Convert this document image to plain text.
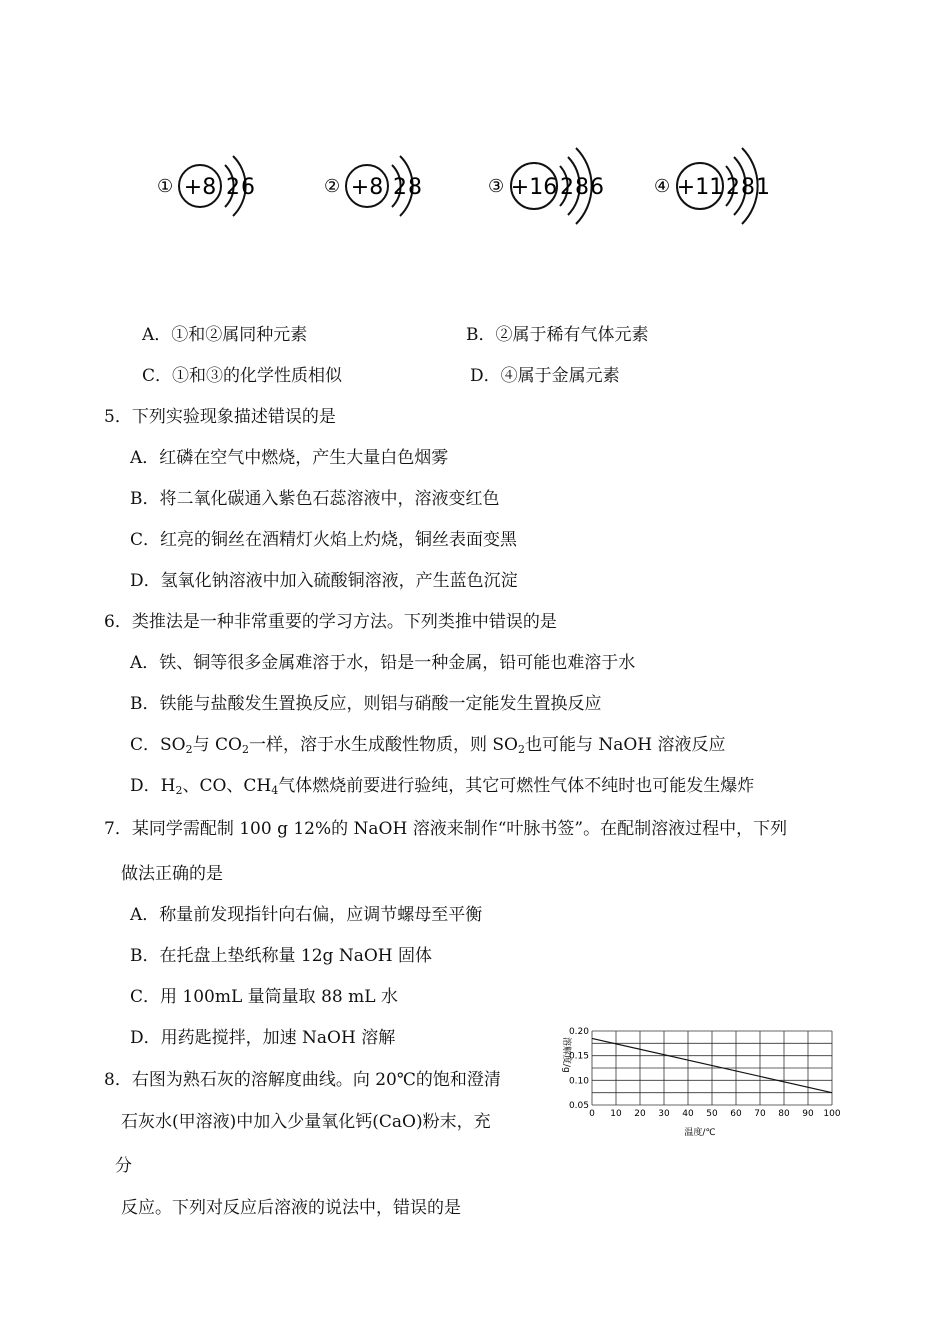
① +8 2 6	② +8 2 8	③ +16 2 8 6	④ +11 2 8 1
A．①和②属同种元素	B．②属于稀有气体元素
C．①和③的化学性质相似	D．④属于金属元素
5．下列实验现象描述错误的是
A．红磷在空气中燃烧，产生大量白色烟雾
B．将二氧化碳通入紫色石蕊溶液中，溶液变红色
C．红亮的铜丝在酒精灯火焰上灼烧，铜丝表面变黑
D．氢氧化钠溶液中加入硫酸铜溶液，产生蓝色沉淀
6．类推法是一种非常重要的学习方法。下列类推中错误的是
A．铁、铜等很多金属难溶于水，铅是一种金属，铅可能也难溶于水
B．铁能与盐酸发生置换反应，则铝与硝酸一定能发生置换反应
C．$SO_2$与 $CO_2$一样，溶于水生成酸性物质，则 $SO_2$也可能与 NaOH 溶液反应
D．$H_2$、CO、$CH_4$气体燃烧前要进行验纯，其它可燃性气体不纯时也可能发生爆炸
7．某同学需配制 100 g 12%的 NaOH 溶液来制作“叶脉书签”。在配制溶液过程中，下列
做法正确的是
A．称量前发现指针向右偏，应调节螺母至平衡
B．在托盘上垫纸称量 12g NaOH 固体
C．用 100mL 量筒量取 88 mL 水
D．用药匙搅拌，加速 NaOH 溶解
8．右图为熟石灰的溶解度曲线。向 20℃的饱和澄清
石灰水(甲溶液)中加入少量氧化钙(CaO)粉末，充
分
反应。下列对反应后溶液的说法中，错误的是
0 10 20 30 40 50 60 70 80 90 100
0.20
0.15
0.10
0.05
溶解度/g
温度/℃
